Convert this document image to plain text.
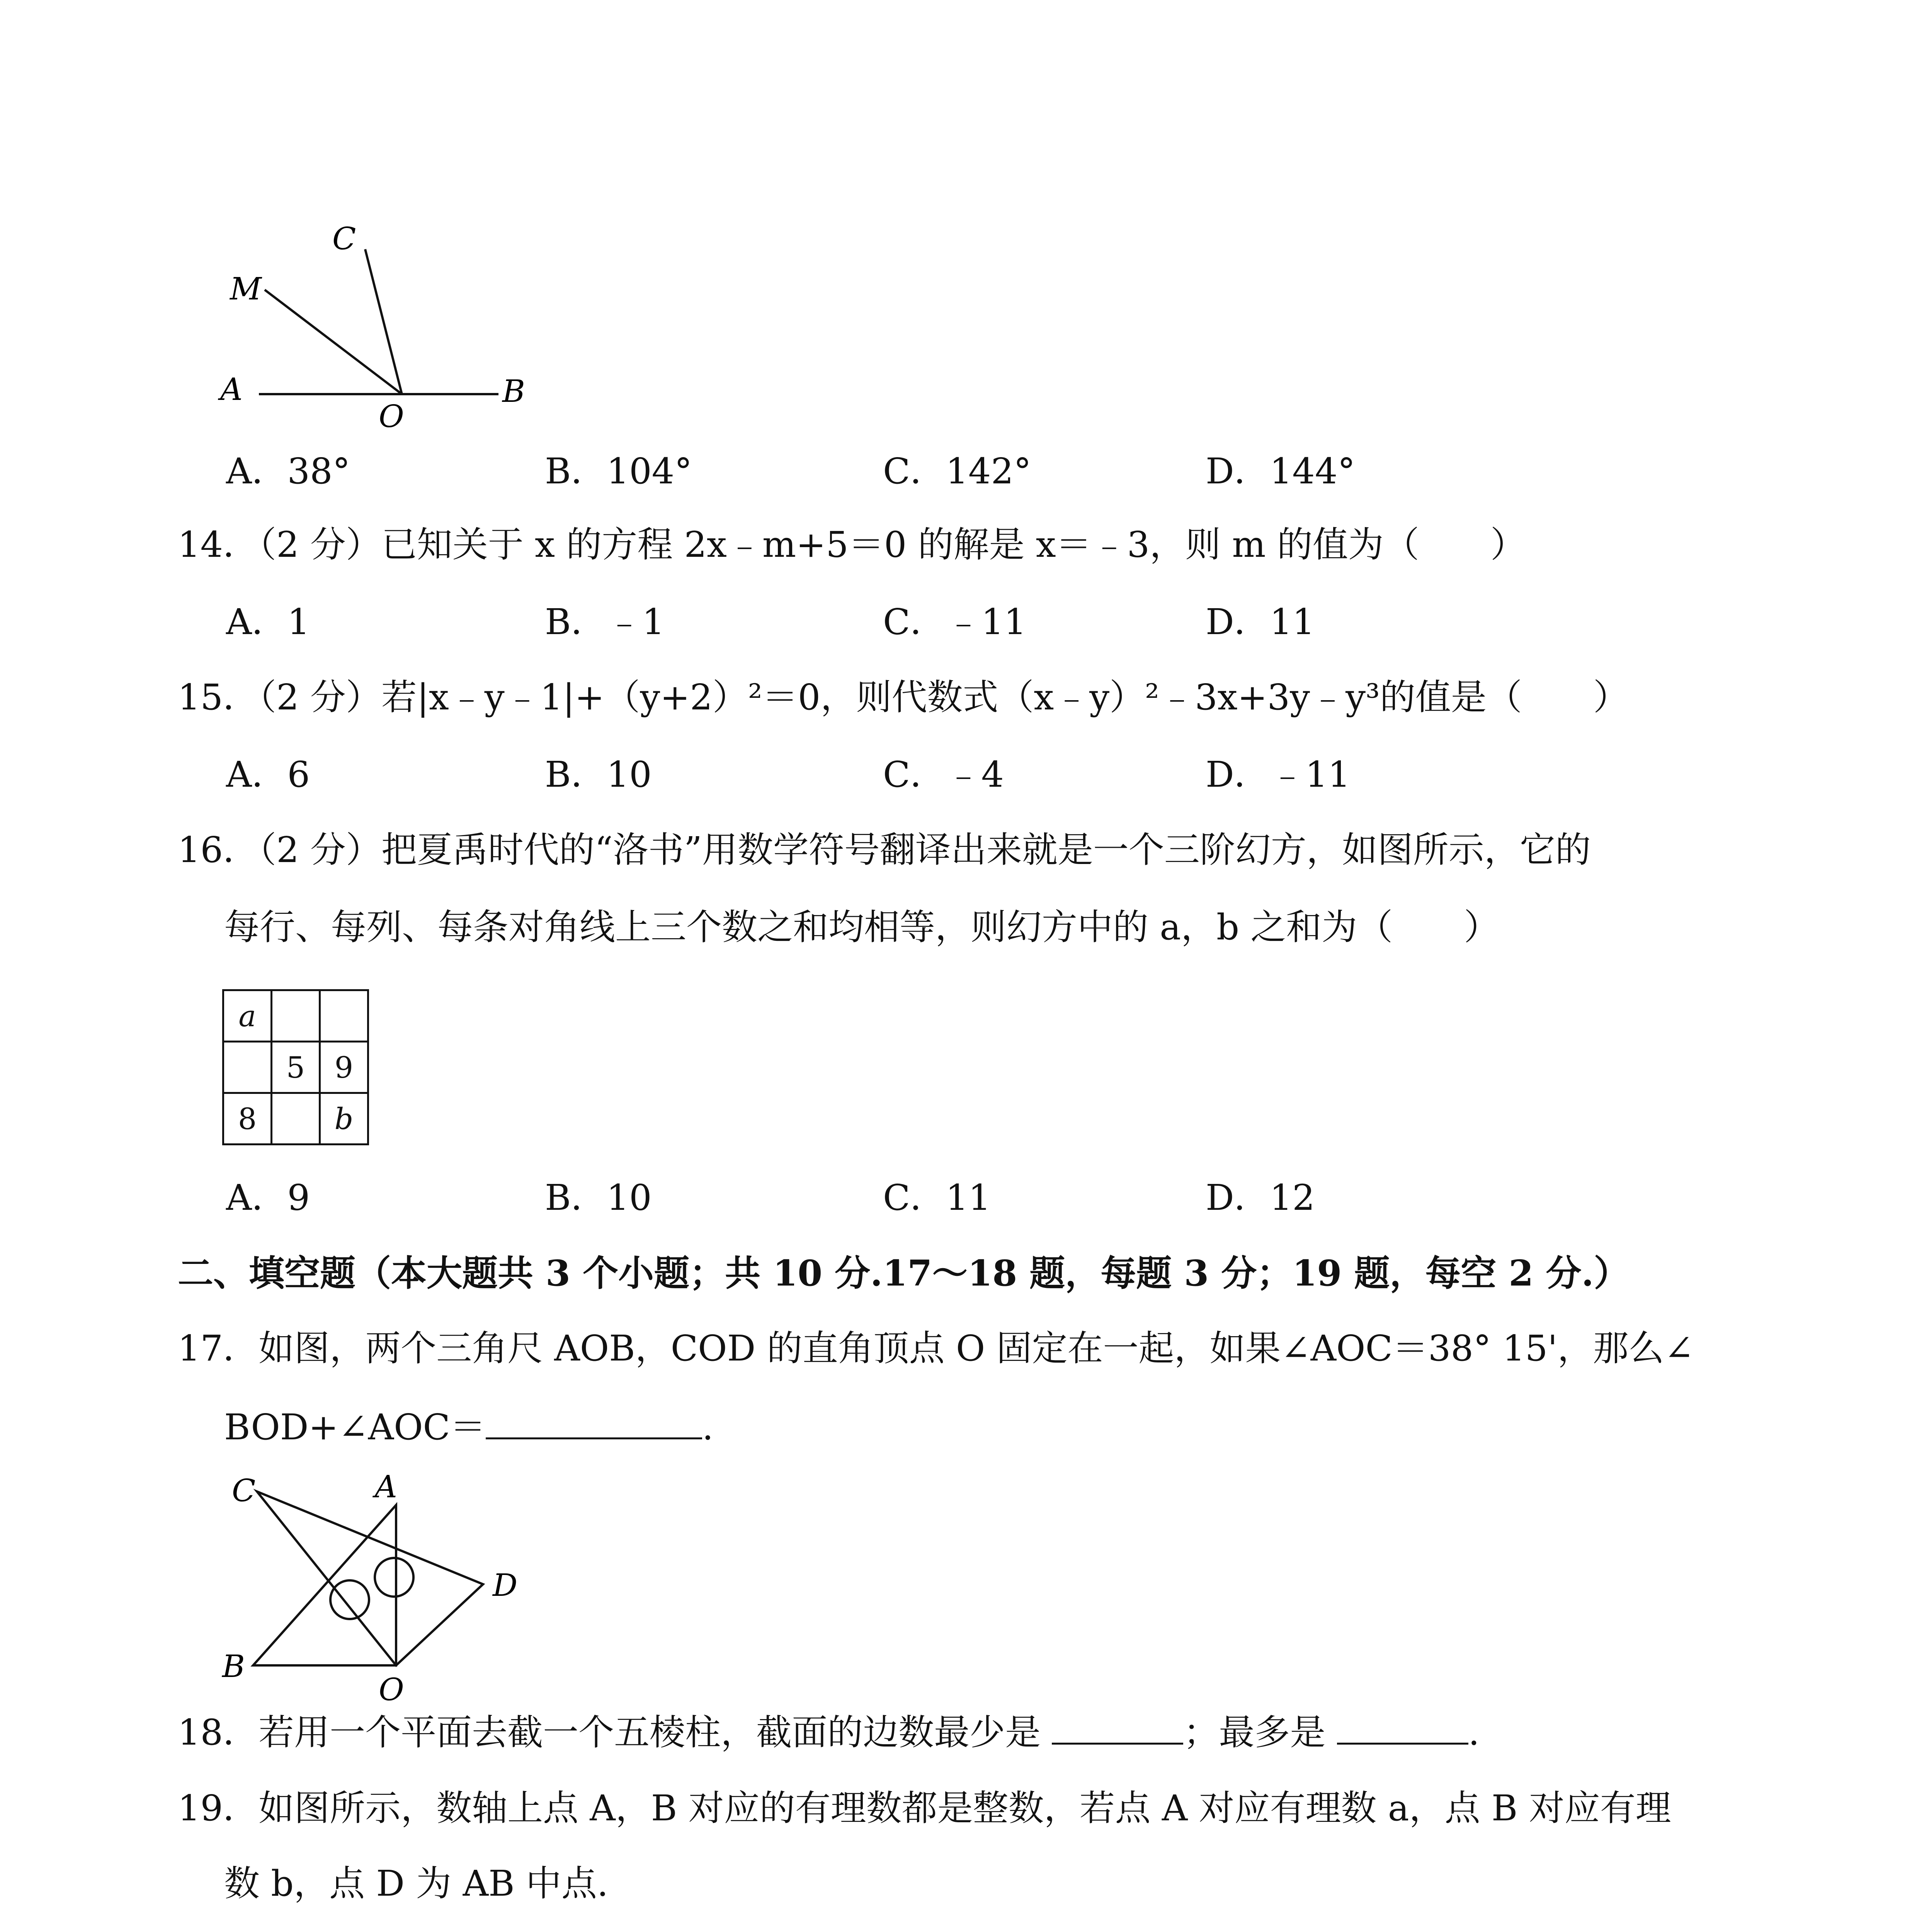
C
M
A
O
B
A．38°	B．104°	C．142°	D．144°
14．（2 分）已知关于 x 的方程 2x﹣m+5＝0 的解是 x＝﹣3，则 m 的值为（　　）
A．1	B．﹣1	C．﹣11	D．11
15．（2 分）若|x﹣y﹣1|+（y+2）²＝0，则代数式（x﹣y）²﹣3x+3y﹣y³的值是（　　）
A．6	B．10	C．﹣4	D．﹣11
16．（2 分）把夏禹时代的“洛书”用数学符号翻译出来就是一个三阶幻方，如图所示，它的
每行、每列、每条对角线上三个数之和均相等，则幻方中的 a，b 之和为（　　）
a		
	5	9
8		b
A．9	B．10	C．11	D．12
二、填空题（本大题共 3 个小题；共 10 分.17～18 题，每题 3 分；19 题，每空 2 分.）
17．如图，两个三角尺 AOB，COD 的直角顶点 O 固定在一起，如果∠AOC＝38° 15'，那么∠
BOD+∠AOC＝	.
C	A
D
B
O
18．若用一个平面去截一个五棱柱，截面的边数最少是	；最多是	.
19．如图所示，数轴上点 A，B 对应的有理数都是整数，若点 A 对应有理数 a，点 B 对应有理
数 b，点 D 为 AB 中点.
